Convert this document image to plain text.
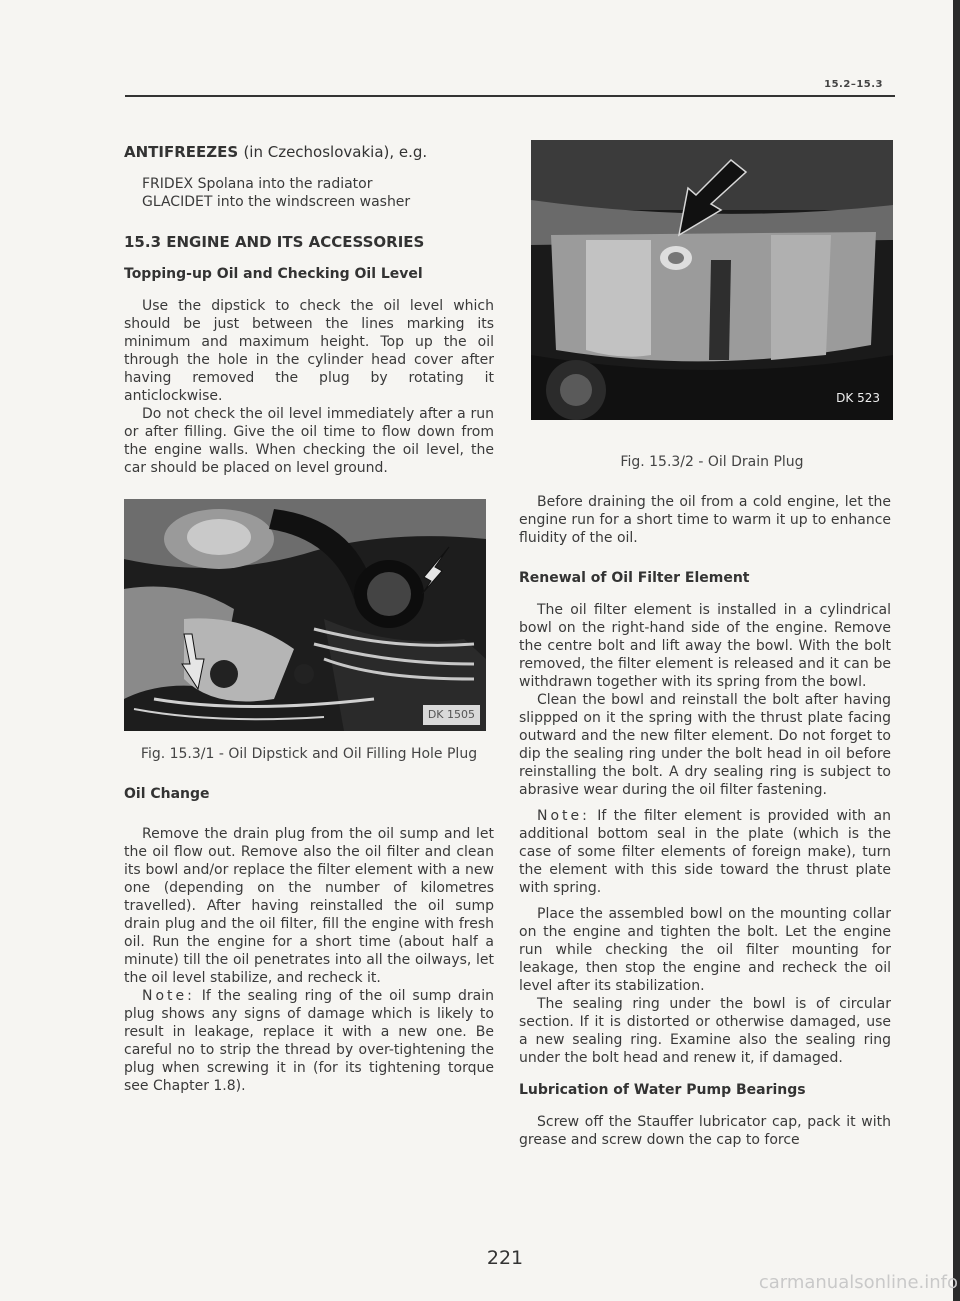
15.2–15.3
ANTIFREEZES (in Czechoslovakia), e.g.
FRIDEX Spolana into the radiator
GLACIDET into the windscreen washer
15.3 ENGINE AND ITS ACCESSORIES
Topping-up Oil and Checking Oil Level

Use the dipstick to check the oil level which should be just between the lines marking its minimum and maximum height. Top up the oil through the hole in the cylinder head cover after having removed the plug by rotating it anticlockwise.

Do not check the oil level immediately after a run or after filling. Give the oil time to flow down from the engine walls. When checking the oil level, the car should be placed on level ground.

DK 1505
Fig. 15.3/1 - Oil Dipstick and Oil Filling Hole Plug
Oil Change

Remove the drain plug from the oil sump and let the oil flow out. Remove also the oil filter and clean its bowl and/or replace the filter element with a new one (depending on the number of kilometres travelled). After having reinstalled the oil sump drain plug and the oil filter, fill the engine with fresh oil. Run the engine for a short time (about half a minute) till the oil penetrates into all the oilways, let the oil level stabilize, and recheck it.

Note: If the sealing ring of the oil sump drain plug shows any signs of damage which is likely to result in leakage, replace it with a new one. Be careful no to strip the thread by over-tightening the plug when screwing it in (for its tightening torque see Chapter 1.8).

DK 523
Fig. 15.3/2 - Oil Drain Plug

Before draining the oil from a cold engine, let the engine run for a short time to warm it up to enhance fluidity of the oil.

Renewal of Oil Filter Element

The oil filter element is installed in a cylindrical bowl on the right-hand side of the engine. Remove the centre bolt and lift away the bowl. With the bolt removed, the filter element is released and it can be withdrawn together with its spring from the bowl.

Clean the bowl and reinstall the bolt after having slippped on it the spring with the thrust plate facing outward and the new filter element. Do not forget to dip the sealing ring under the bolt head in oil before reinstalling the bolt. A dry sealing ring is subject to abrasive wear during the oil filter fastening.

Note: If the filter element is provided with an additional bottom seal in the plate (which is the case of some filter elements of foreign make), turn the element with this side toward the thrust plate with spring.

Place the assembled bowl on the mounting collar on the engine and tighten the bolt. Let the engine run while checking the oil filter mounting for leakage, then stop the engine and recheck the oil level after its stabilization.

The sealing ring under the bowl is of circular section. If it is distorted or otherwise damaged, use a new sealing ring. Examine also the sealing ring under the bolt head and renew it, if damaged.

Lubrication of Water Pump Bearings

Screw off the Stauffer lubricator cap, pack it with grease and screw down the cap to force

221
carmanualsonline.info
